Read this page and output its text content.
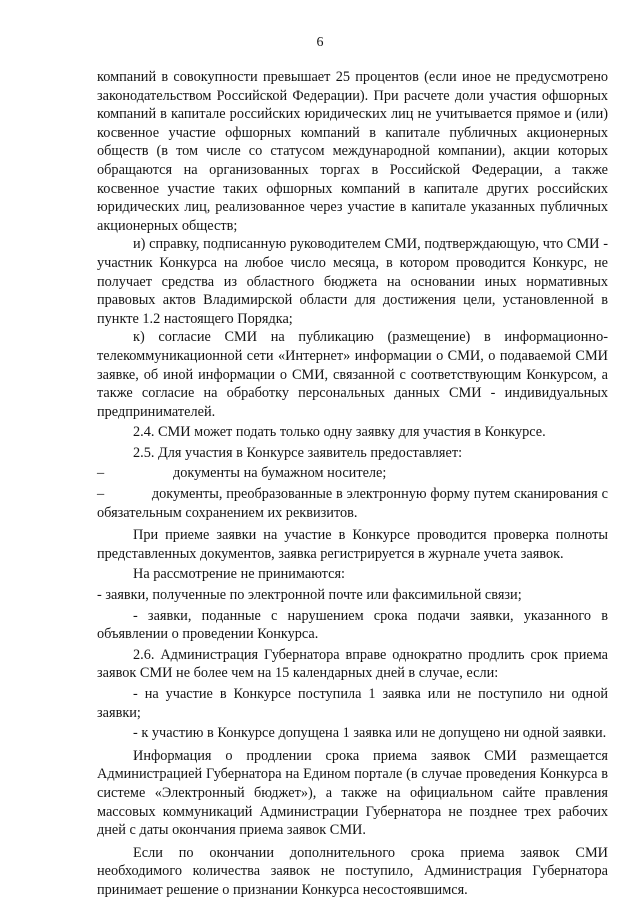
6

компаний в совокупности превышает 25 процентов (если иное не предусмотрено законодательством Российской Федерации). При расчете доли участия офшорных компаний в капитале российских юридических лиц не учитывается прямое и (или) косвенное участие офшорных компаний в капитале публичных акционерных обществ (в том числе со статусом международной компании), акции которых обращаются на организованных торгах в Российской Федерации, а также косвенное участие таких офшорных компаний в капитале других российских юридических лиц, реализованное через участие в капитале указанных публичных акционерных обществ;

и) справку, подписанную руководителем СМИ, подтверждающую, что СМИ - участник Конкурса на любое число месяца, в котором проводится Конкурс, не получает средства из областного бюджета на основании иных нормативных правовых актов Владимирской области для достижения цели, установленной в пункте 1.2 настоящего Порядка;

к) согласие СМИ на публикацию (размещение) в информационно-телекоммуникационной сети «Интернет» информации о СМИ, о подаваемой СМИ заявке, об иной информации о СМИ, связанной с соответствующим Конкурсом, а также согласие на обработку персональных данных СМИ - индивидуальных предпринимателей.

2.4. СМИ может подать только одну заявку для участия в Конкурсе.

2.5. Для участия в Конкурсе заявитель предоставляет:

–	документы на бумажном носителе;

–	документы, преобразованные в электронную форму путем сканирования с обязательным сохранением их реквизитов.

При приеме заявки на участие в Конкурсе проводится проверка полноты представленных документов, заявка регистрируется в журнале учета заявок.

На рассмотрение не принимаются:

- заявки, полученные по электронной почте или факсимильной связи;

- заявки, поданные с нарушением срока подачи заявки, указанного в объявлении о проведении Конкурса.

2.6. Администрация Губернатора вправе однократно продлить срок приема заявок СМИ не более чем на 15 календарных дней в случае, если:

- на участие в Конкурсе поступила 1 заявка или не поступило ни одной заявки;

- к участию в Конкурсе допущена 1 заявка или не допущено ни одной заявки.

Информация о продлении срока приема заявок СМИ размещается Администрацией Губернатора на Едином портале (в случае проведения Конкурса в системе «Электронный бюджет»), а также на официальном сайте правления массовых коммуникаций Администрации Губернатора не позднее трех рабочих дней с даты окончания приема заявок СМИ.

Если по окончании дополнительного срока приема заявок СМИ необходимого количества заявок не поступило, Администрация Губернатора принимает решение о признании Конкурса несостоявшимся.
